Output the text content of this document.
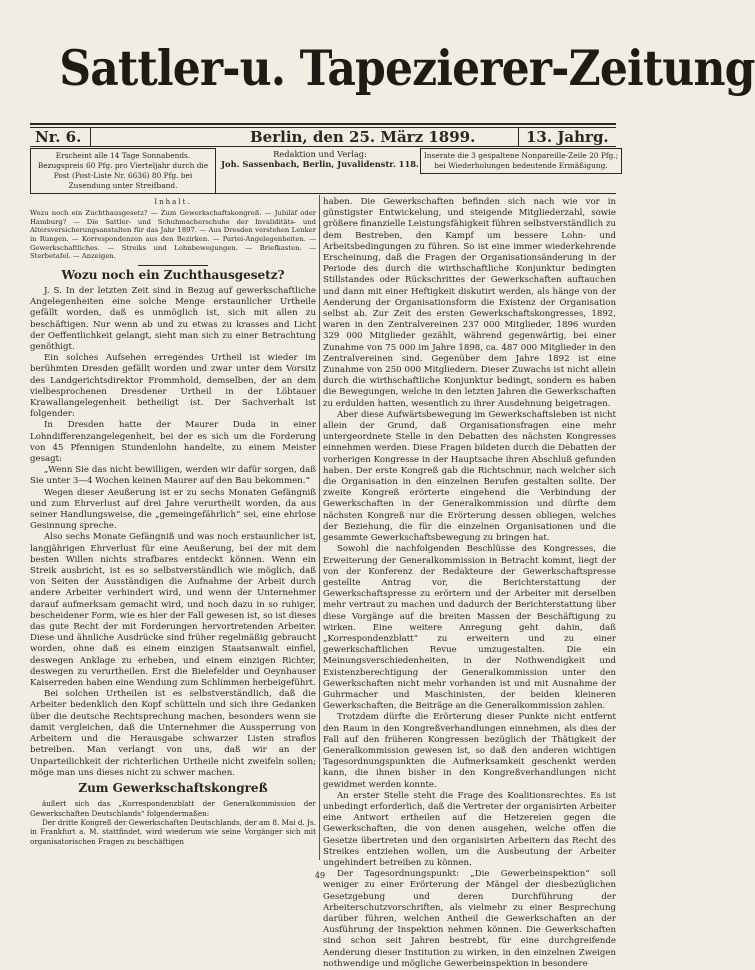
Sattler-u. Tapezierer-Zeitung
Nr. 6.	Berlin, den 25. März 1899.	13. Jahrg.
Erscheint alle 14 Tage Sonnabends. Bezugspreis 60 Pfg. pro Vierteljahr durch die Post (Post-Liste Nr. 6636) 80 Pfg. bei Zusendung unter Streifband.
Redaktion und Verlag:
Joh. Sassenbach, Berlin, Juvalidenstr. 118.
Inserate die 3 gespaltene Nonpareille-Zeile 20 Pfg.; bei Wiederholungen bedeutende Ermäßigung.
Inhalt.
Wozu noch ein Zuchthausgesetz? — Zum Gewerkschaftskongreß. — Jubiläf oder Hamburg? — Die Sattler- und Schuhmacherschuhe der Invaliditäts- und Altersversicherungsanstalten für das Jahr 1897. — Aus Dresden verstehen Lenker in Rungen. — Korrespondenzen aus den Bezirken. — Partei-Angelegenheiten. — Gewerkschaftliches. — Streiks und Lohnbewegungen. — Briefkasten. — Sterbetafel. — Anzeigen.
Wozu noch ein Zuchthausgesetz?

J. S. In der letzten Zeit sind in Bezug auf gewerkschaftliche Angelegenheiten eine solche Menge erstaunlicher Urtheile gefällt worden, daß es unmöglich ist, sich mit allen zu beschäftigen. Nur wenn ab und zu etwas zu krasses and Licht der Oeffentlichkeit gelangt, sieht man sich zu einer Betrachtung genöthigt.

Ein solches Aufsehen erregendes Urtheil ist wieder im berühmten Dresden gefällt worden und zwar unter dem Vorsitz des Landgerichtsdirektor Frommhold, demselben, der an dem vielbesprochenen Dresdener Urtheil in der Löbtauer Krawallangelegenheit betheiligt ist. Der Sachverhalt ist folgender:

In Dresden hatte der Maurer Duda in einer Lohndifferenzangelegenheit, bei der es sich um die Forderung von 45 Pfennigen Stundenlohn handelte, zu einem Meister gesagt:

„Wenn Sie das nicht bewilligen, werden wir dafür sorgen, daß Sie unter 3—4 Wochen keinen Maurer auf den Bau bekommen.“

Wegen dieser Aeußerung ist er zu sechs Monaten Gefängniß und zum Ehrverlust auf drei Jahre verurtheilt worden, da aus seiner Handlungsweise, die „gemeingefährlich“ sei, eine ehrlose Gesinnung spreche.

Also sechs Monate Gefängniß und was noch erstaunlicher ist, langjährigen Ehrverlust für eine Aeußerung, bei der mit dem besten Willen nichts strafbares entdeckt können. Wenn ein Streik ausbricht, ist es so selbstverständlich wie möglich, daß von Seiten der Ausständigen die Aufnahme der Arbeit durch andere Arbeiter verhindert wird, und wenn der Unternehmer darauf aufmerksam gemacht wird, und noch dazu in so ruhiger, bescheidener Form, wie es hier der Fall gewesen ist, so ist dieses das gute Recht der mit Forderungen hervortretenden Arbeiter. Diese und ähnliche Ausdrücke sind früher regelmäßig gebraucht worden, ohne daß es einem einzigen Staatsanwalt einfiel, deswegen Anklage zu erheben, und einem einzigen Richter, deswegen zu verurtheilen. Erst die Bielefelder und Oeynhauser Kaiserreden haben eine Wendung zum Schlimmen herbeigeführt.

Bei solchen Urtheilen ist es selbstverständlich, daß die Arbeiter bedenklich den Kopf schütteln und sich ihre Gedanken über die deutsche Rechtsprechung machen, besonders wenn sie damit vergleichen, daß die Unternehmer die Aussperrung von Arbeitern und die Herausgabe schwarzer Listen straflos betreiben. Man verlangt von uns, daß wir an der Unparteilichkeit der richterlichen Urtheile nicht zweifeln sollen; möge man uns dieses nicht zu schwer machen.

Zum Gewerkschaftskongreß

äußert sich das „Korrespondenzblatt der Generalkommission der Gewerkschaften Deutschlands“ folgendermaßen:

Der dritte Kongreß der Gewerkschaften Deutschlands, der am 8. Mai d. Js. in Frankfurt a. M. stattfindet, wird wiederum wie seine Vorgänger sich mit organisatorischen Fragen zu beschäftigen

haben. Die Gewerkschaften befinden sich nach wie vor in günstigster Entwickelung, und steigende Mitgliederzahl, sowie größere finanzielle Leistungsfähigkeit führen selbstverständlich zu dem Bestreben, den Kampf um bessere Lohn- und Arbeitsbedingungen zu führen. So ist eine immer wiederkehrende Erscheinung, daß die Fragen der Organisationsänderung in der Periode des durch die wirthschaftliche Konjunktur bedingten Stillstandes oder Rückschrittes der Gewerkschaften auftauchen und dann mit einer Heftigkeit diskutirt werden, als hänge von der Aenderung der Organisationsform die Existenz der Organisation selbst ab. Zur Zeit des ersten Gewerkschaftskongresses, 1892, waren in den Zentralvereinen 237 000 Mitglieder, 1896 wurden 329 000 Mitglieder gezählt, während gegenwärtig, bei einer Zunahme von 75 000 im Jahre 1898, ca. 487 000 Mitglieder in den Zentralvereinen sind. Gegenüber dem Jahre 1892 ist eine Zunahme von 250 000 Mitgliedern. Dieser Zuwachs ist nicht allein durch die wirthschaftliche Konjunktur bedingt, sondern es haben die Bewegungen, welche in den letzten Jahren die Gewerkschaften zu erdulden hatten, wesentlich zu ihrer Ausdehnung beigetragen.

Aber diese Aufwärtsbewegung im Gewerkschaftsleben ist nicht allein der Grund, daß Organisationsfragen eine mehr untergeordnete Stelle in den Debatten des nächsten Kongresses einnehmen werden. Diese Fragen bildeten durch die Debatten der vorherigen Kongresse in der Hauptsache ihren Abschluß gefunden haben. Der erste Kongreß gab die Richtschnur, nach welcher sich die Organisation in den einzelnen Berufen gestalten sollte. Der zweite Kongreß erörterte eingehend die Verbindung der Gewerkschaften in der Generalkommission und dürfte dem nächsten Kongreß nur die Erörterung dessen obliegen, welches der Beziehung, die für die einzelnen Organisationen und die gesammte Gewerkschaftsbewegung zu bringen hat.

Sowohl die nachfolgenden Beschlüsse des Kongresses, die Erweiterung der Generalkommission in Betracht kommt, liegt der von der Konferenz der Redakteure der Gewerkschaftspresse gestellte Antrag vor, die Berichterstattung der Gewerkschaftspresse zu erörtern und der Arbeiter mit derselben mehr vertraut zu machen und dadurch der Berichterstattung über diese Vorgänge auf die breiten Massen der Beschäftigung zu wirken. Eine weitere Anregung geht dahin, daß „Korrespondenzblatt“ zu erweitern und zu einer gewerkschaftlichen Revue umzugestalten. Die ein Meinungsverschiedenheiten, in der Nothwendigkeit und Existenzberechtigung der Generalkommission unter den Gewerkschaften nicht mehr vorhanden ist und mit Ausnahme der Guhrmacher und Maschinisten, der beiden kleineren Gewerkschaften, die Beiträge an die Generalkommission zahlen.

Trotzdem dürfte die Erörterung dieser Punkte nicht entfernt den Raum in den Kongreßverhandlungen einnehmen, als dies der Fall auf den früheren Kongressen bezüglich der Thätigkeit der Generalkommission gewesen ist, so daß den anderen wichtigen Tagesordnungspunkten die Aufmerksamkeit geschenkt werden kann, die ihnen bisher in den Kongreßverhandlungen nicht gewidmet werden konnte.

An erster Stelle steht die Frage des Koalitionsrechtes. Es ist unbedingt erforderlich, daß die Vertreter der organisirten Arbeiter eine Antwort ertheilen auf die Hetzereien gegen die Gewerkschaften, die von denen ausgehen, welche offen die Gesetze übertreten und den organisirten Arbeitern das Recht des Streikes entziehen wollen, um die Ausbeutung der Arbeiter ungehindert betreiben zu können.

Der Tagesordnungspunkt: „Die Gewerbeinspektion“ soll weniger zu einer Erörterung der Mängel der diesbezüglichen Gesetzgebung und deren Durchführung der Arbeiterschutzvorschriften, als vielmehr zu einer Besprechung darüber führen, welchen Antheil die Gewerkschaften an der Ausführung der Inspektion nehmen können. Die Gewerkschaften sind schon seit Jahren bestrebt, für eine durchgreifende Aenderung dieser Institution zu wirken, in den einzelnen Zweigen nothwendige und mögliche Gewerbeinspektion in besondere

49
